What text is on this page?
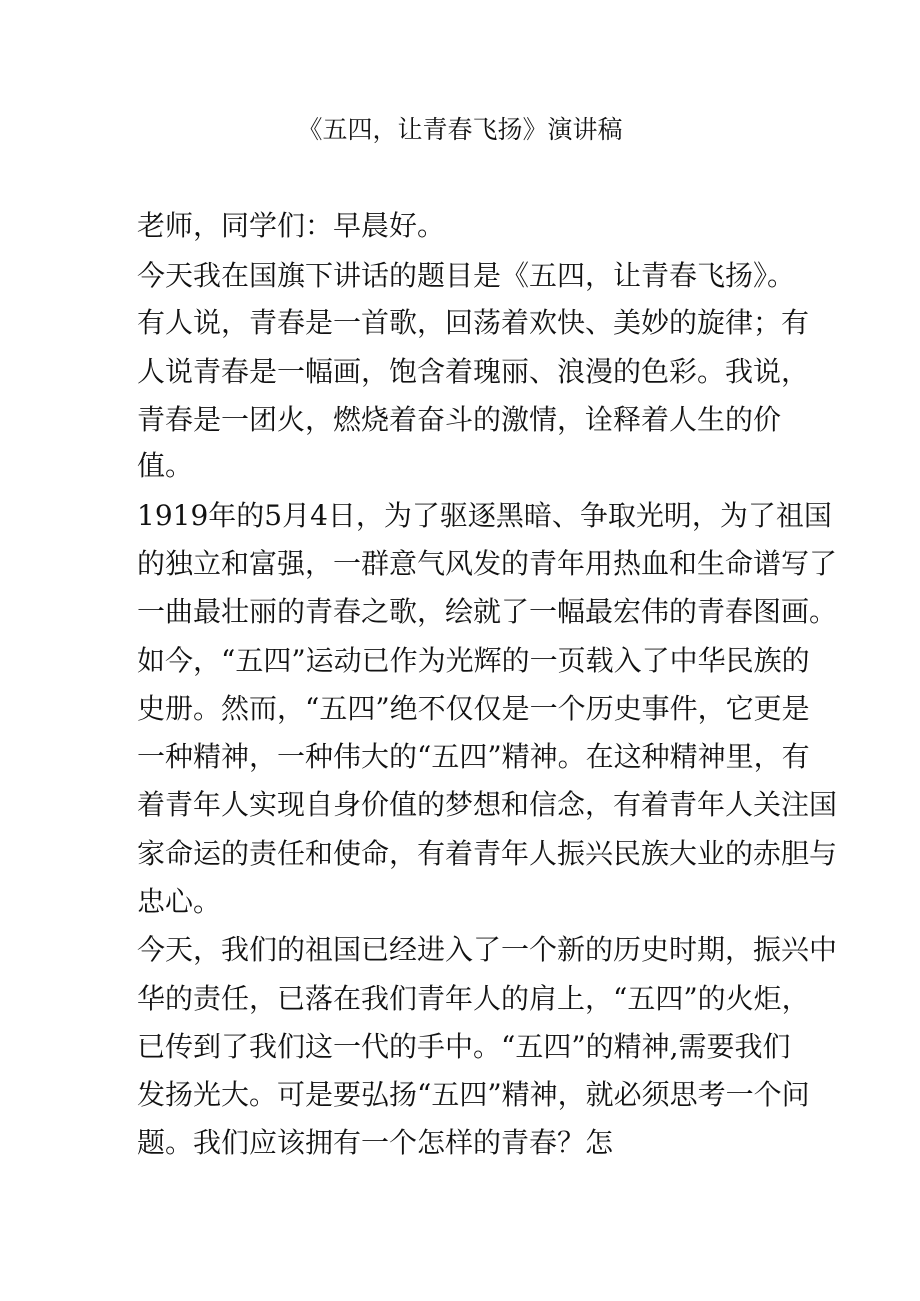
《五四，让青春飞扬》演讲稿
老师，同学们：早晨好。
今天我在国旗下讲话的题目是《五四，让青春飞扬》。
有人说，青春是一首歌，回荡着欢快、美妙的旋律；有
人说青春是一幅画，饱含着瑰丽、浪漫的色彩。我说，
青春是一团火，燃烧着奋斗的激情，诠释着人生的价
值。
1919年的5月4日，为了驱逐黑暗、争取光明，为了祖国
的独立和富强，一群意气风发的青年用热血和生命谱写了
一曲最壮丽的青春之歌，绘就了一幅最宏伟的青春图画。
如今，“五四”运动已作为光辉的一页载入了中华民族的
史册。然而，“五四”绝不仅仅是一个历史事件，它更是
一种精神，一种伟大的“五四”精神。在这种精神里，有
着青年人实现自身价值的梦想和信念，有着青年人关注国
家命运的责任和使命，有着青年人振兴民族大业的赤胆与
忠心。
今天，我们的祖国已经进入了一个新的历史时期，振兴中
华的责任，已落在我们青年人的肩上，“五四”的火炬，
已传到了我们这一代的手中。“五四”的精神,需要我们
发扬光大。可是要弘扬“五四”精神，就必须思考一个问
题。我们应该拥有一个怎样的青春？怎
